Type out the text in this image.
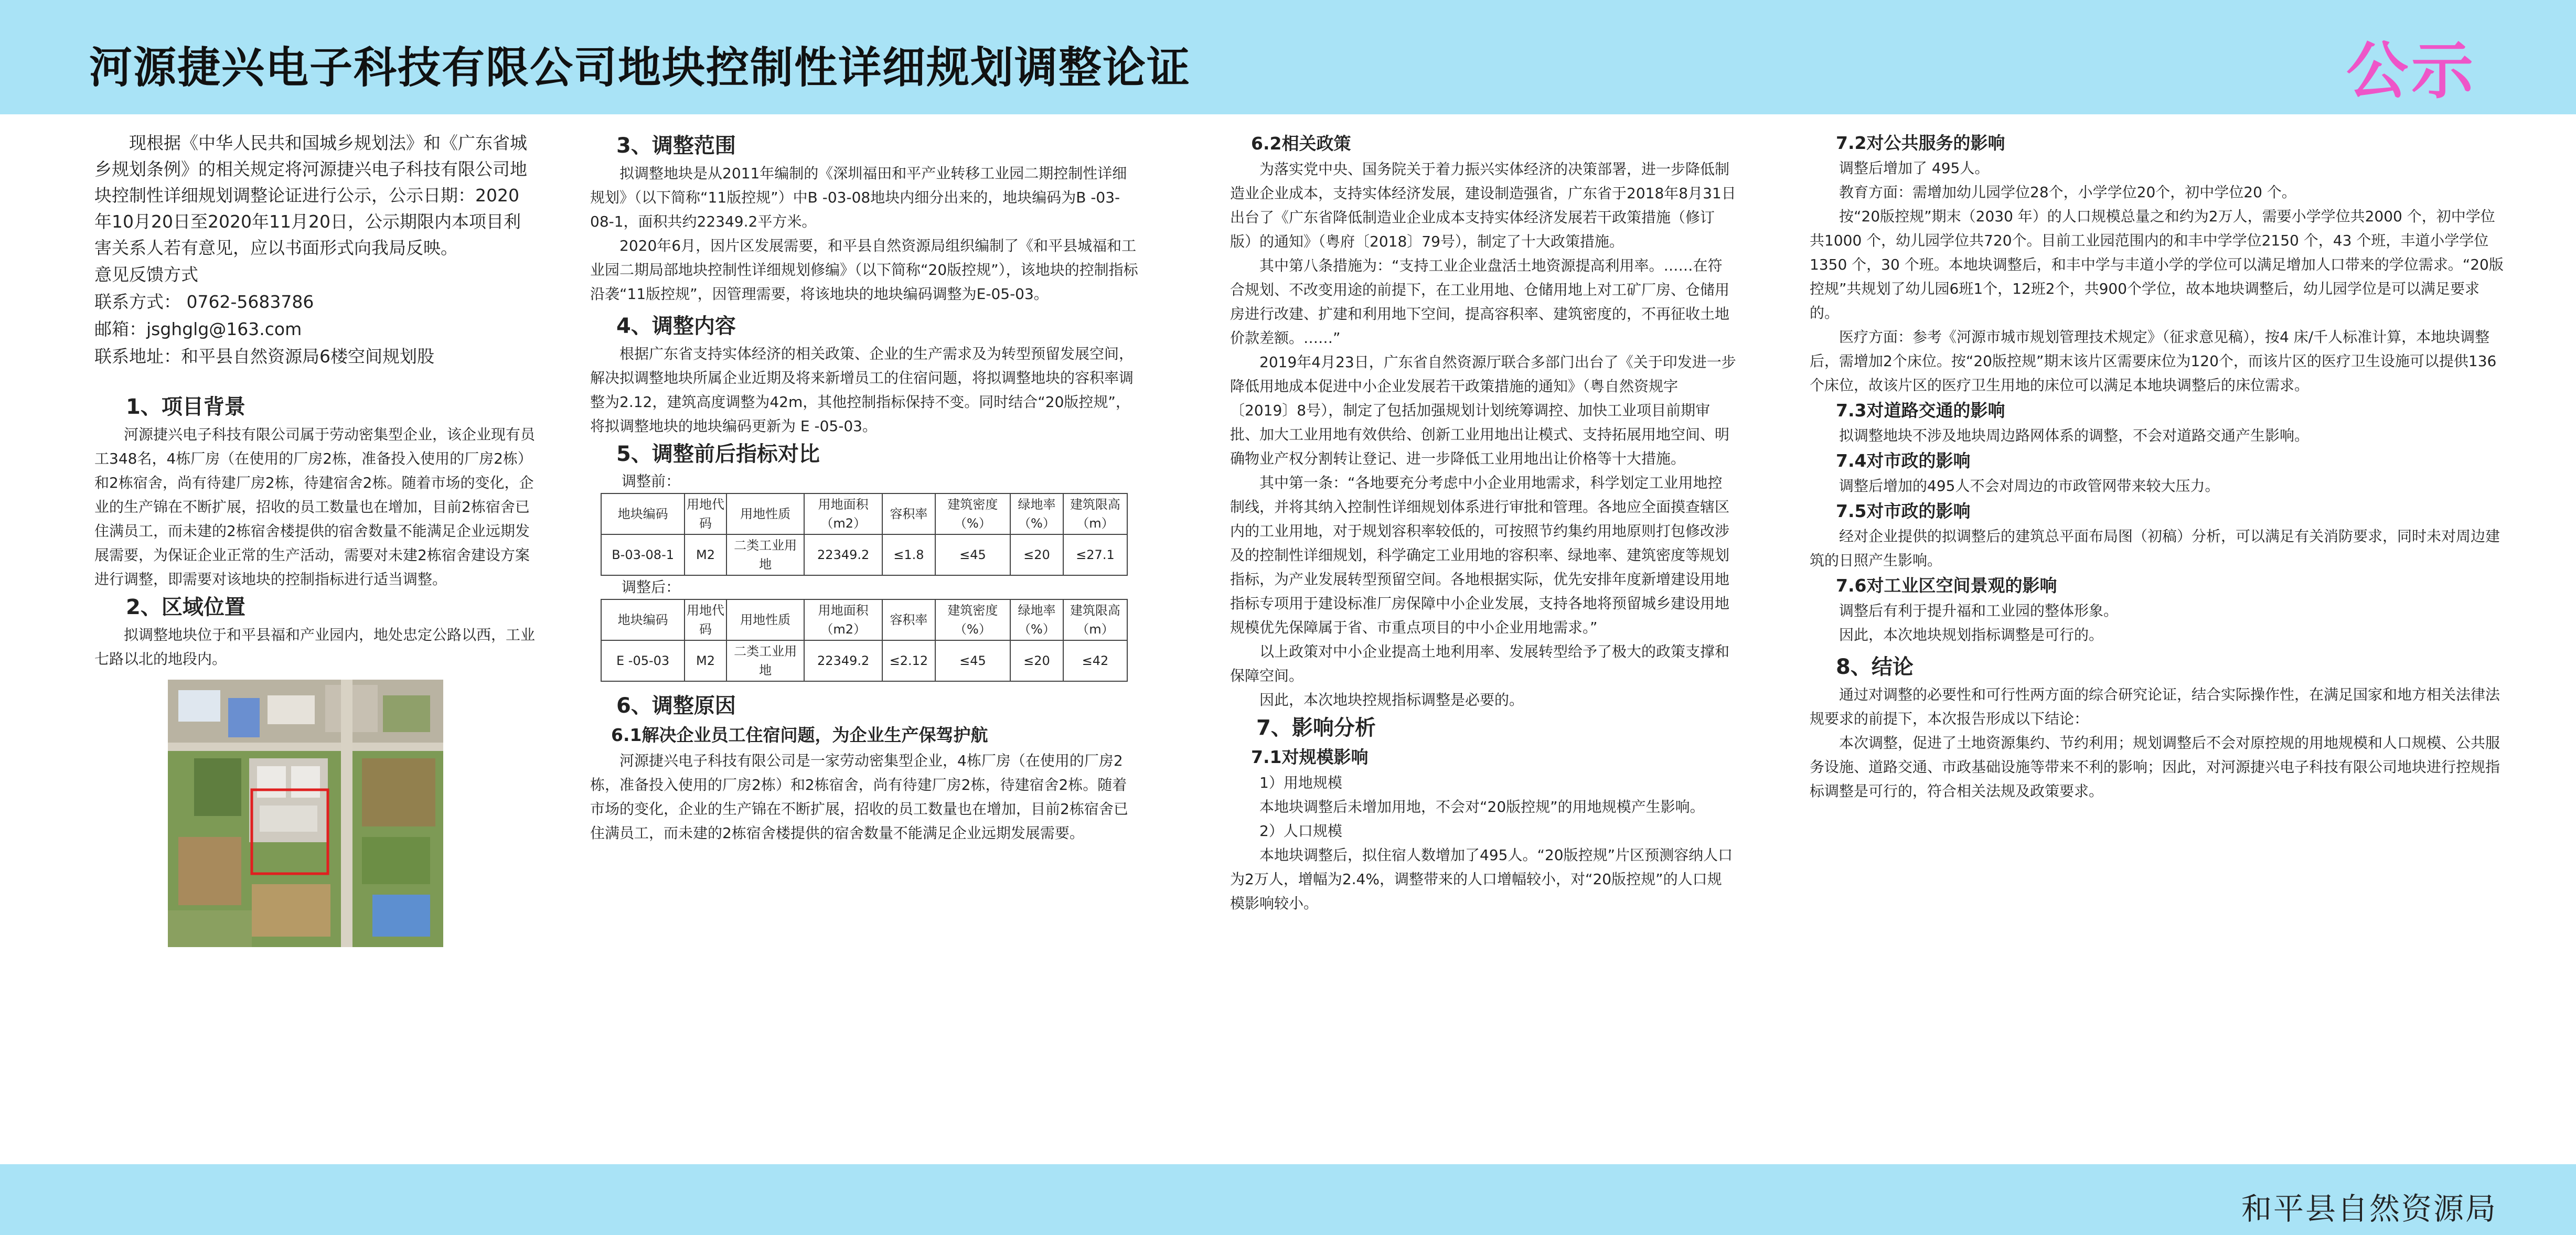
河源捷兴电子科技有限公司地块控制性详细规划调整论证	公示

现根据《中华人民共和国城乡规划法》和《广东省城乡规划条例》的相关规定将河源捷兴电子科技有限公司地块控制性详细规划调整论证进行公示，公示日期：2020年10月20日至2020年11月20日，公示期限内本项目利害关系人若有意见，应以书面形式向我局反映。

意见反馈方式

联系方式： 0762-5683786

邮箱：jsghglg@163.com

联系地址：和平县自然资源局6楼空间规划股

1、项目背景

河源捷兴电子科技有限公司属于劳动密集型企业，该企业现有员工348名，4栋厂房（在使用的厂房2栋，准备投入使用的厂房2栋）和2栋宿舍，尚有待建厂房2栋，待建宿舍2栋。随着市场的变化，企业的生产锦在不断扩展，招收的员工数量也在增加，目前2栋宿舍已住满员工，而未建的2栋宿舍楼提供的宿舍数量不能满足企业远期发展需要，为保证企业正常的生产活动，需要对未建2栋宿舍建设方案进行调整，即需要对该地块的控制指标进行适当调整。

2、区域位置

拟调整地块位于和平县福和产业园内，地处忠定公路以西，工业七路以北的地段内。

3、调整范围

拟调整地块是从2011年编制的《深圳福田和平产业转移工业园二期控制性详细规划》（以下简称“11版控规”）中B -03-08地块内细分出来的，地块编码为B -03-08-1，面积共约22349.2平方米。

2020年6月，因片区发展需要，和平县自然资源局组织编制了《和平县城福和工业园二期局部地块控制性详细规划修编》（以下简称“20版控规”），该地块的控制指标沿袭“11版控规”，因管理需要，将该地块的地块编码调整为E-05-03。

4、调整内容

根据广东省支持实体经济的相关政策、企业的生产需求及为转型预留发展空间，解决拟调整地块所属企业近期及将来新增员工的住宿问题，将拟调整地块的容积率调整为2.12，建筑高度调整为42m，其他控制指标保持不变。同时结合“20版控规”，将拟调整地块的地块编码更新为 E -05-03。

5、调整前后指标对比

调整前：

地块编码	用地代码	用地性质	用地面积（m2）	容积率	建筑密度（%）	绿地率（%）	建筑限高（m）
B-03-08-1	M2	二类工业用地	22349.2	≤1.8	≤45	≤20	≤27.1

调整后：

地块编码	用地代码	用地性质	用地面积（m2）	容积率	建筑密度（%）	绿地率（%）	建筑限高（m）
E -05-03	M2	二类工业用地	22349.2	≤2.12	≤45	≤20	≤42

6、调整原因

6.1解决企业员工住宿问题，为企业生产保驾护航

河源捷兴电子科技有限公司是一家劳动密集型企业，4栋厂房（在使用的厂房2栋，准备投入使用的厂房2栋）和2栋宿舍，尚有待建厂房2栋，待建宿舍2栋。随着市场的变化，企业的生产锦在不断扩展，招收的员工数量也在增加，目前2栋宿舍已住满员工，而未建的2栋宿舍楼提供的宿舍数量不能满足企业远期发展需要。

6.2相关政策

为落实党中央、国务院关于着力振兴实体经济的决策部署，进一步降低制造业企业成本，支持实体经济发展，建设制造强省，广东省于2018年8月31日出台了《广东省降低制造业企业成本支持实体经济发展若干政策措施（修订版）的通知》（粤府〔2018〕79号），制定了十大政策措施。

其中第八条措施为：“支持工业企业盘活土地资源提高利用率。……在符合规划、不改变用途的前提下，在工业用地、仓储用地上对工矿厂房、仓储用房进行改建、扩建和利用地下空间，提高容积率、建筑密度的，不再征收土地价款差额。……”

2019年4月23日，广东省自然资源厅联合多部门出台了《关于印发进一步降低用地成本促进中小企业发展若干政策措施的通知》（粤自然资规字〔2019〕8号），制定了包括加强规划计划统筹调控、加快工业项目前期审批、加大工业用地有效供给、创新工业用地出让模式、支持拓展用地空间、明确物业产权分割转让登记、进一步降低工业用地出让价格等十大措施。

其中第一条：“各地要充分考虑中小企业用地需求，科学划定工业用地控制线，并将其纳入控制性详细规划体系进行审批和管理。各地应全面摸查辖区内的工业用地，对于规划容积率较低的，可按照节约集约用地原则打包修改涉及的控制性详细规划，科学确定工业用地的容积率、绿地率、建筑密度等规划指标，为产业发展转型预留空间。各地根据实际，优先安排年度新增建设用地指标专项用于建设标准厂房保障中小企业发展，支持各地将预留城乡建设用地规模优先保障属于省、市重点项目的中小企业用地需求。”

以上政策对中小企业提高土地利用率、发展转型给予了极大的政策支撑和保障空间。

因此，本次地块控规指标调整是必要的。

7、影响分析

7.1对规模影响

1）用地规模

本地块调整后未增加用地，不会对“20版控规”的用地规模产生影响。

2）人口规模

本地块调整后，拟住宿人数增加了495人。“20版控规”片区预测容纳人口为2万人，增幅为2.4%，调整带来的人口增幅较小，对“20版控规”的人口规模影响较小。

7.2对公共服务的影响

调整后增加了 495人。

教育方面：需增加幼儿园学位28个，小学学位20个，初中学位20 个。

按“20版控规”期末（2030 年）的人口规模总量之和约为2万人，需要小学学位共2000 个，初中学位共1000 个，幼儿园学位共720个。目前工业园范围内的和丰中学学位2150 个，43 个班，丰道小学学位1350 个，30 个班。本地块调整后，和丰中学与丰道小学的学位可以满足增加人口带来的学位需求。“20版控规”共规划了幼儿园6班1个，12班2个，共900个学位，故本地块调整后，幼儿园学位是可以满足要求的。

医疗方面：参考《河源市城市规划管理技术规定》（征求意见稿），按4 床/千人标准计算，本地块调整后，需增加2个床位。按“20版控规”期末该片区需要床位为120个，而该片区的医疗卫生设施可以提供136个床位，故该片区的医疗卫生用地的床位可以满足本地块调整后的床位需求。

7.3对道路交通的影响

拟调整地块不涉及地块周边路网体系的调整，不会对道路交通产生影响。

7.4对市政的影响

调整后增加的495人不会对周边的市政管网带来较大压力。

7.5对市政的影响

经对企业提供的拟调整后的建筑总平面布局图（初稿）分析，可以满足有关消防要求，同时未对周边建筑的日照产生影响。

7.6对工业区空间景观的影响

调整后有利于提升福和工业园的整体形象。

因此，本次地块规划指标调整是可行的。

8、结论

通过对调整的必要性和可行性两方面的综合研究论证，结合实际操作性，在满足国家和地方相关法律法规要求的前提下，本次报告形成以下结论：

本次调整，促进了土地资源集约、节约利用；规划调整后不会对原控规的用地规模和人口规模、公共服务设施、道路交通、市政基础设施等带来不利的影响；因此，对河源捷兴电子科技有限公司地块进行控规指标调整是可行的，符合相关法规及政策要求。

和平县自然资源局
